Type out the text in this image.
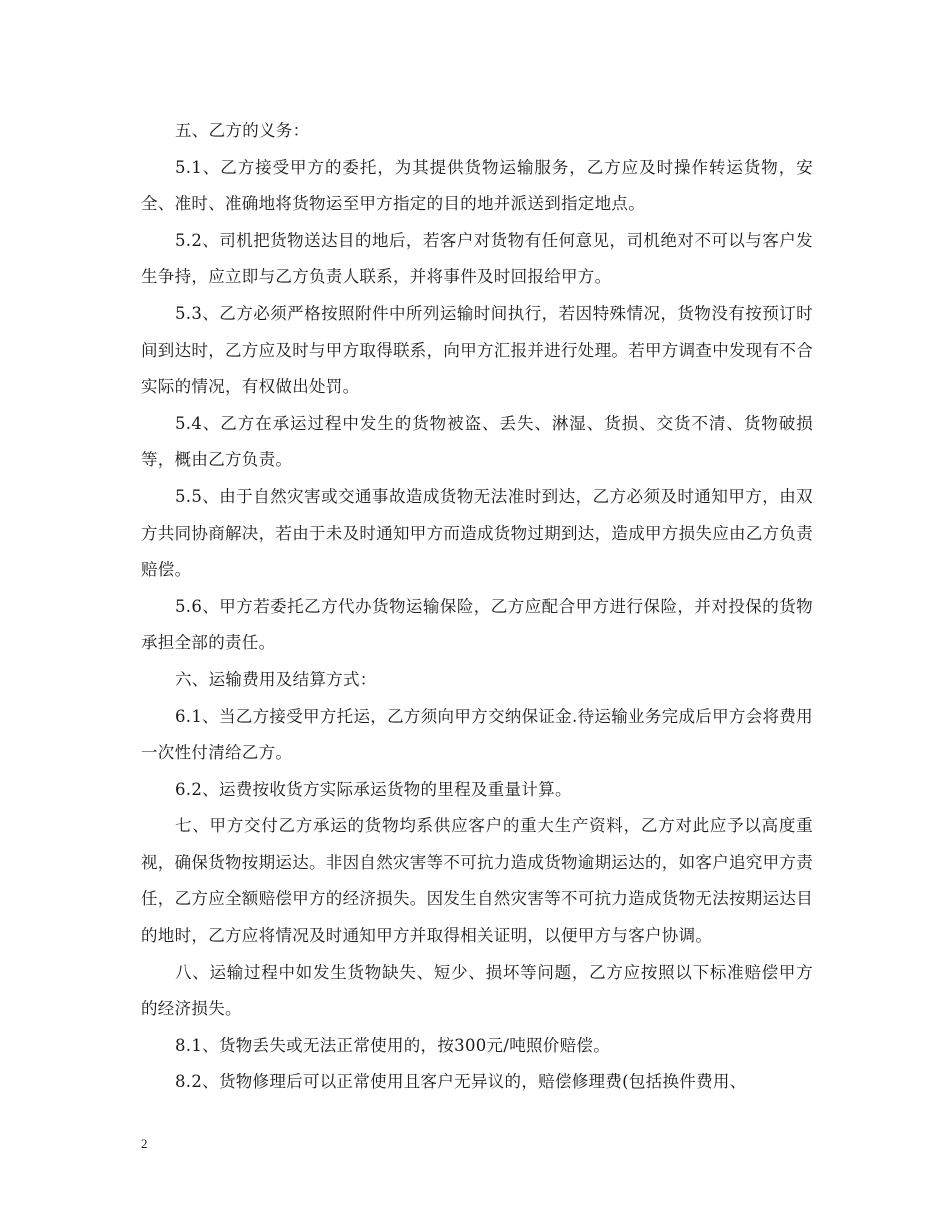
五、乙方的义务：

5.1、乙方接受甲方的委托，为其提供货物运输服务，乙方应及时操作转运货物，安全、准时、准确地将货物运至甲方指定的目的地并派送到指定地点。

5.2、司机把货物送达目的地后，若客户对货物有任何意见，司机绝对不可以与客户发生争持，应立即与乙方负责人联系，并将事件及时回报给甲方。

5.3、乙方必须严格按照附件中所列运输时间执行，若因特殊情况，货物没有按预订时间到达时，乙方应及时与甲方取得联系，向甲方汇报并进行处理。若甲方调查中发现有不合实际的情况，有权做出处罚。

5.4、乙方在承运过程中发生的货物被盗、丢失、淋湿、货损、交货不清、货物破损等，概由乙方负责。

5.5、由于自然灾害或交通事故造成货物无法准时到达，乙方必须及时通知甲方，由双方共同协商解决，若由于未及时通知甲方而造成货物过期到达，造成甲方损失应由乙方负责赔偿。

5.6、甲方若委托乙方代办货物运输保险，乙方应配合甲方进行保险，并对投保的货物承担全部的责任。

六、运输费用及结算方式：

6.1、当乙方接受甲方托运，乙方须向甲方交纳保证金.待运输业务完成后甲方会将费用一次性付清给乙方。

6.2、运费按收货方实际承运货物的里程及重量计算。

七、甲方交付乙方承运的货物均系供应客户的重大生产资料，乙方对此应予以高度重视，确保货物按期运达。非因自然灾害等不可抗力造成货物逾期运达的，如客户追究甲方责任，乙方应全额赔偿甲方的经济损失。因发生自然灾害等不可抗力造成货物无法按期运达目的地时，乙方应将情况及时通知甲方并取得相关证明，以便甲方与客户协调。

八、运输过程中如发生货物缺失、短少、损坏等问题，乙方应按照以下标准赔偿甲方的经济损失。

8.1、货物丢失或无法正常使用的，按300元/吨照价赔偿。

8.2、货物修理后可以正常使用且客户无异议的，赔偿修理费(包括换件费用、

2
